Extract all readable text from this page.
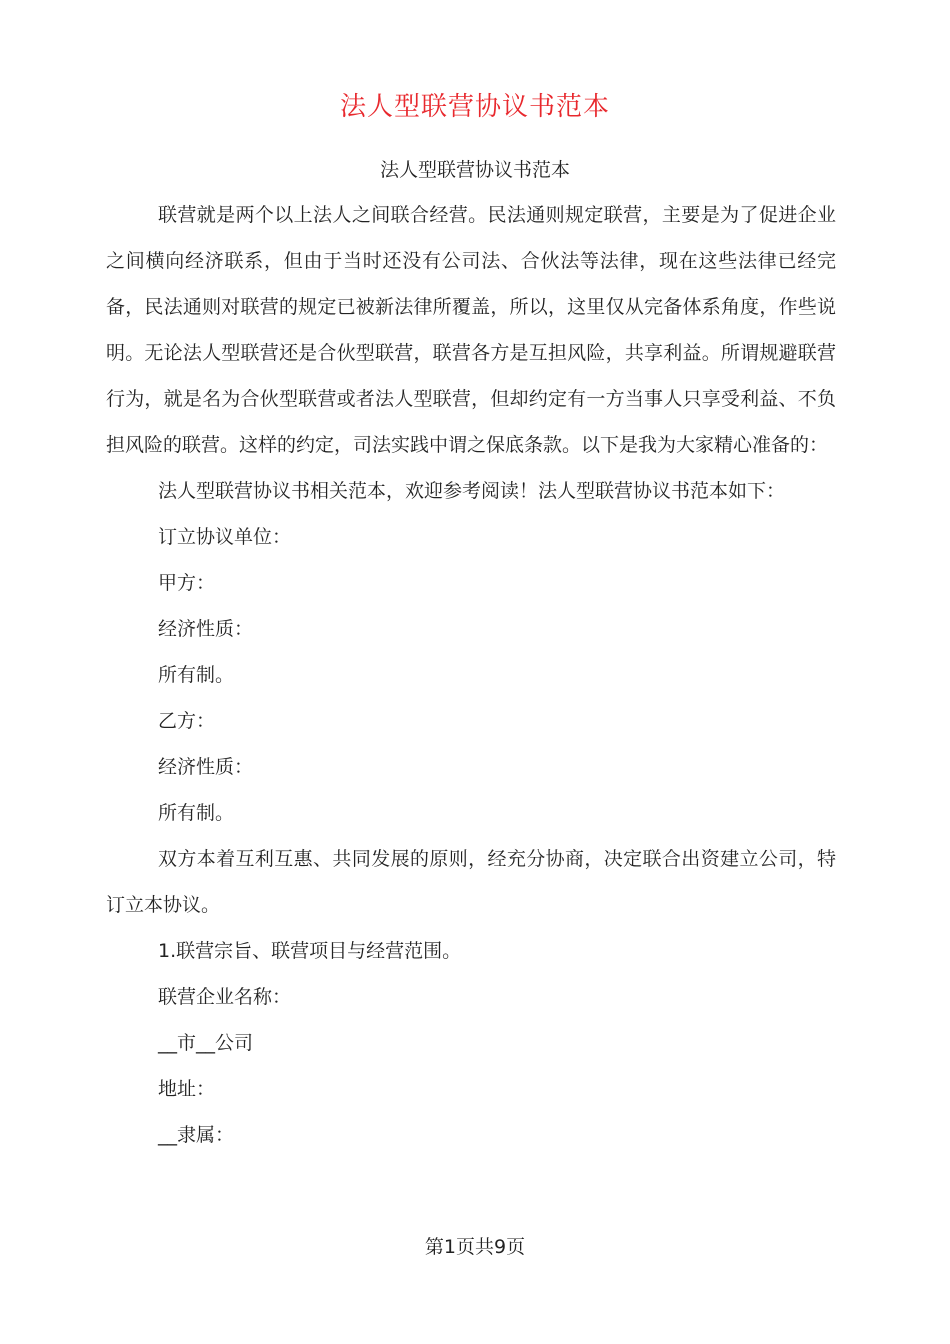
法人型联营协议书范本
法人型联营协议书范本

联营就是两个以上法人之间联合经营。民法通则规定联营，主要是为了促进企业之间横向经济联系，但由于当时还没有公司法、合伙法等法律，现在这些法律已经完备，民法通则对联营的规定已被新法律所覆盖，所以，这里仅从完备体系角度，作些说明。无论法人型联营还是合伙型联营，联营各方是互担风险，共享利益。所谓规避联营行为，就是名为合伙型联营或者法人型联营，但却约定有一方当事人只享受利益、不负担风险的联营。这样的约定，司法实践中谓之保底条款。以下是我为大家精心准备的：

法人型联营协议书相关范本，欢迎参考阅读！法人型联营协议书范本如下：

订立协议单位：

甲方：

经济性质：

所有制。

乙方：

经济性质：

所有制。

双方本着互利互惠、共同发展的原则，经充分协商，决定联合出资建立公司，特订立本协议。

1.联营宗旨、联营项目与经营范围。

联营企业名称：

__市__公司

地址：

__隶属：

第1页共9页
